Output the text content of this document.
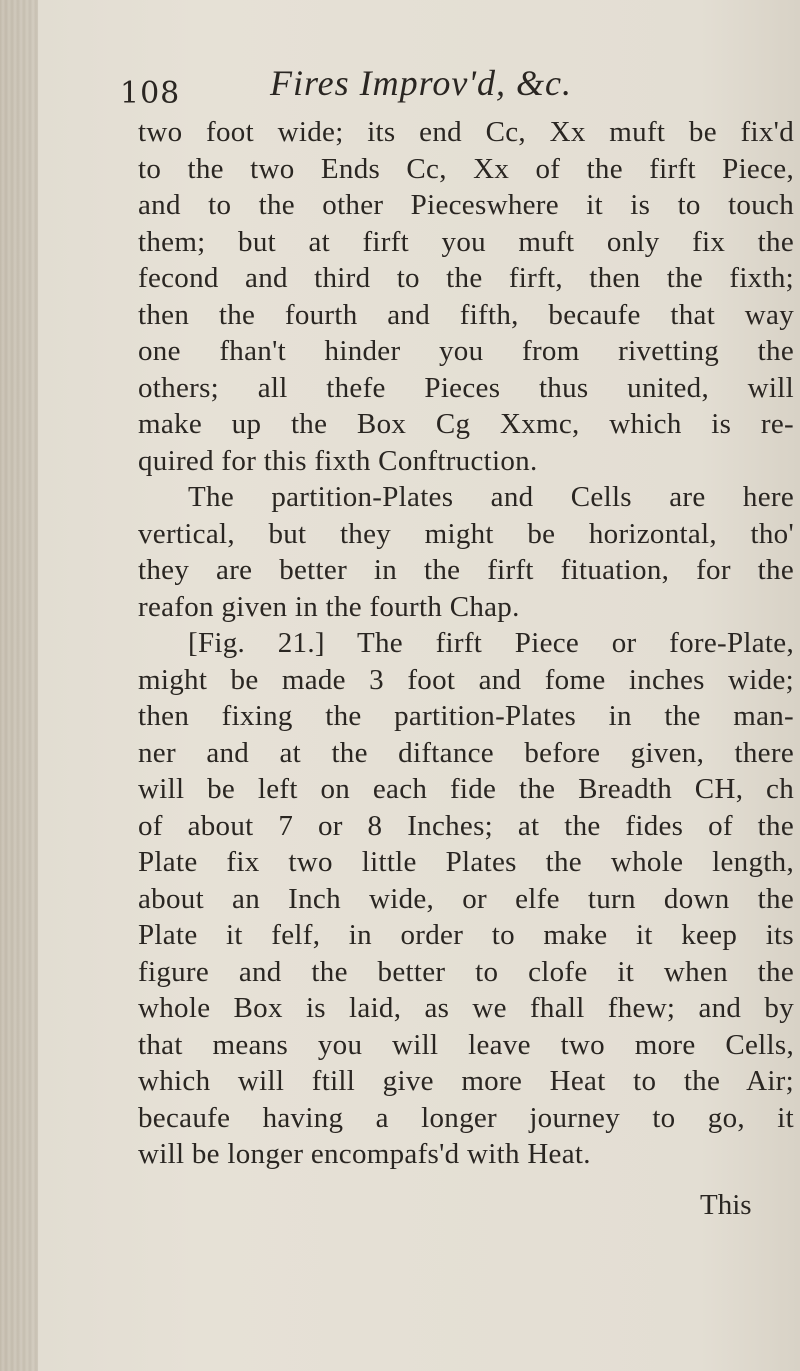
108 Fires Improv'd, &c.
two foot wide; its end Cc, Xx muft be fix'd
to the two Ends Cc, Xx of the firft Piece,
and to the other Pieceswhere it is to touch
them; but at firft you muft only fix the
fecond and third to the firft, then the fixth;
then the fourth and fifth, becaufe that way
one fhan't hinder you from rivetting the
others; all thefe Pieces thus united, will
make up the Box Cg Xxmc, which is re-
quired for this fixth Conftruction.
The partition-Plates and Cells are here
vertical, but they might be horizontal, tho'
they are better in the firft fituation, for the
reafon given in the fourth Chap.
[Fig. 21.] The firft Piece or fore-Plate,
might be made 3 foot and fome inches wide;
then fixing the partition-Plates in the man-
ner and at the diftance before given, there
will be left on each fide the Breadth CH, ch
of about 7 or 8 Inches; at the fides of the
Plate fix two little Plates the whole length,
about an Inch wide, or elfe turn down the
Plate it felf, in order to make it keep its
figure and the better to clofe it when the
whole Box is laid, as we fhall fhew; and by
that means you will leave two more Cells,
which will ftill give more Heat to the Air;
becaufe having a longer journey to go, it
will be longer encompafs'd with Heat.
This
